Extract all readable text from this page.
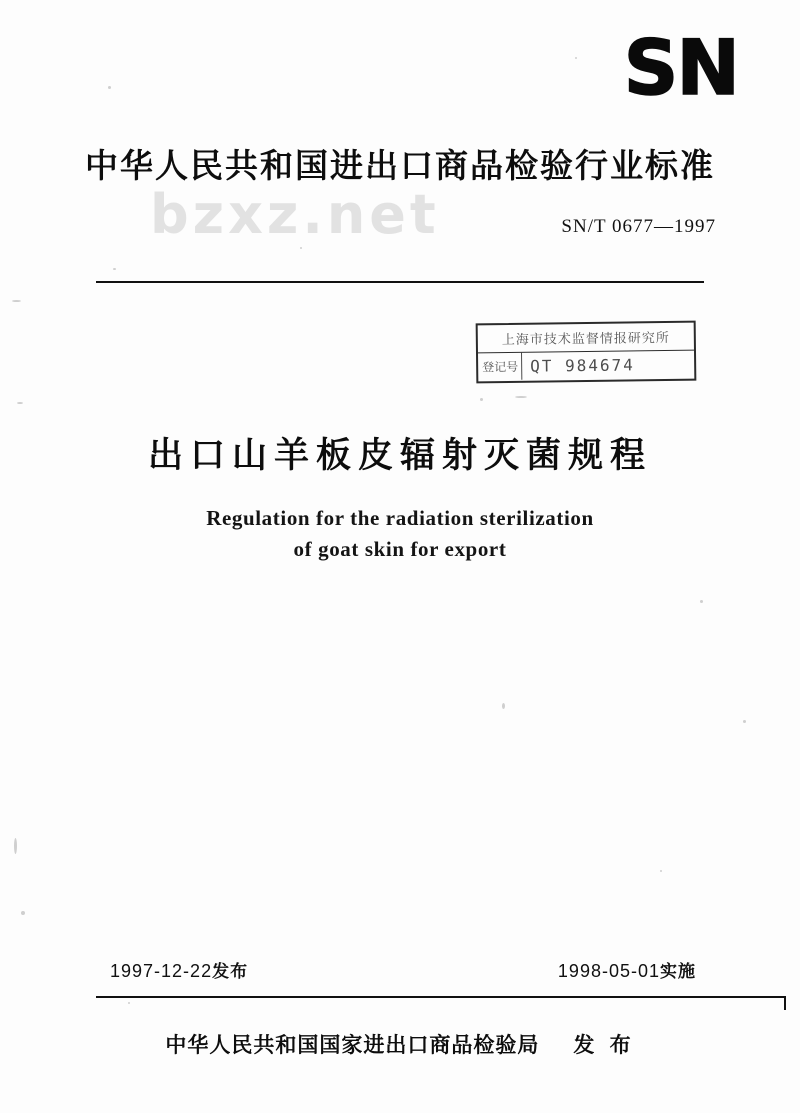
bzxz.net
SN
中华人民共和国进出口商品检验行业标准
SN/T 0677—1997
上海市技术监督情报研究所
登记号 QT 984674
出口山羊板皮辐射灭菌规程
Regulation for the radiation sterilization
of goat skin for export
1997-12-22发布	1998-05-01实施
中华人民共和国国家进出口商品检验局 发 布
